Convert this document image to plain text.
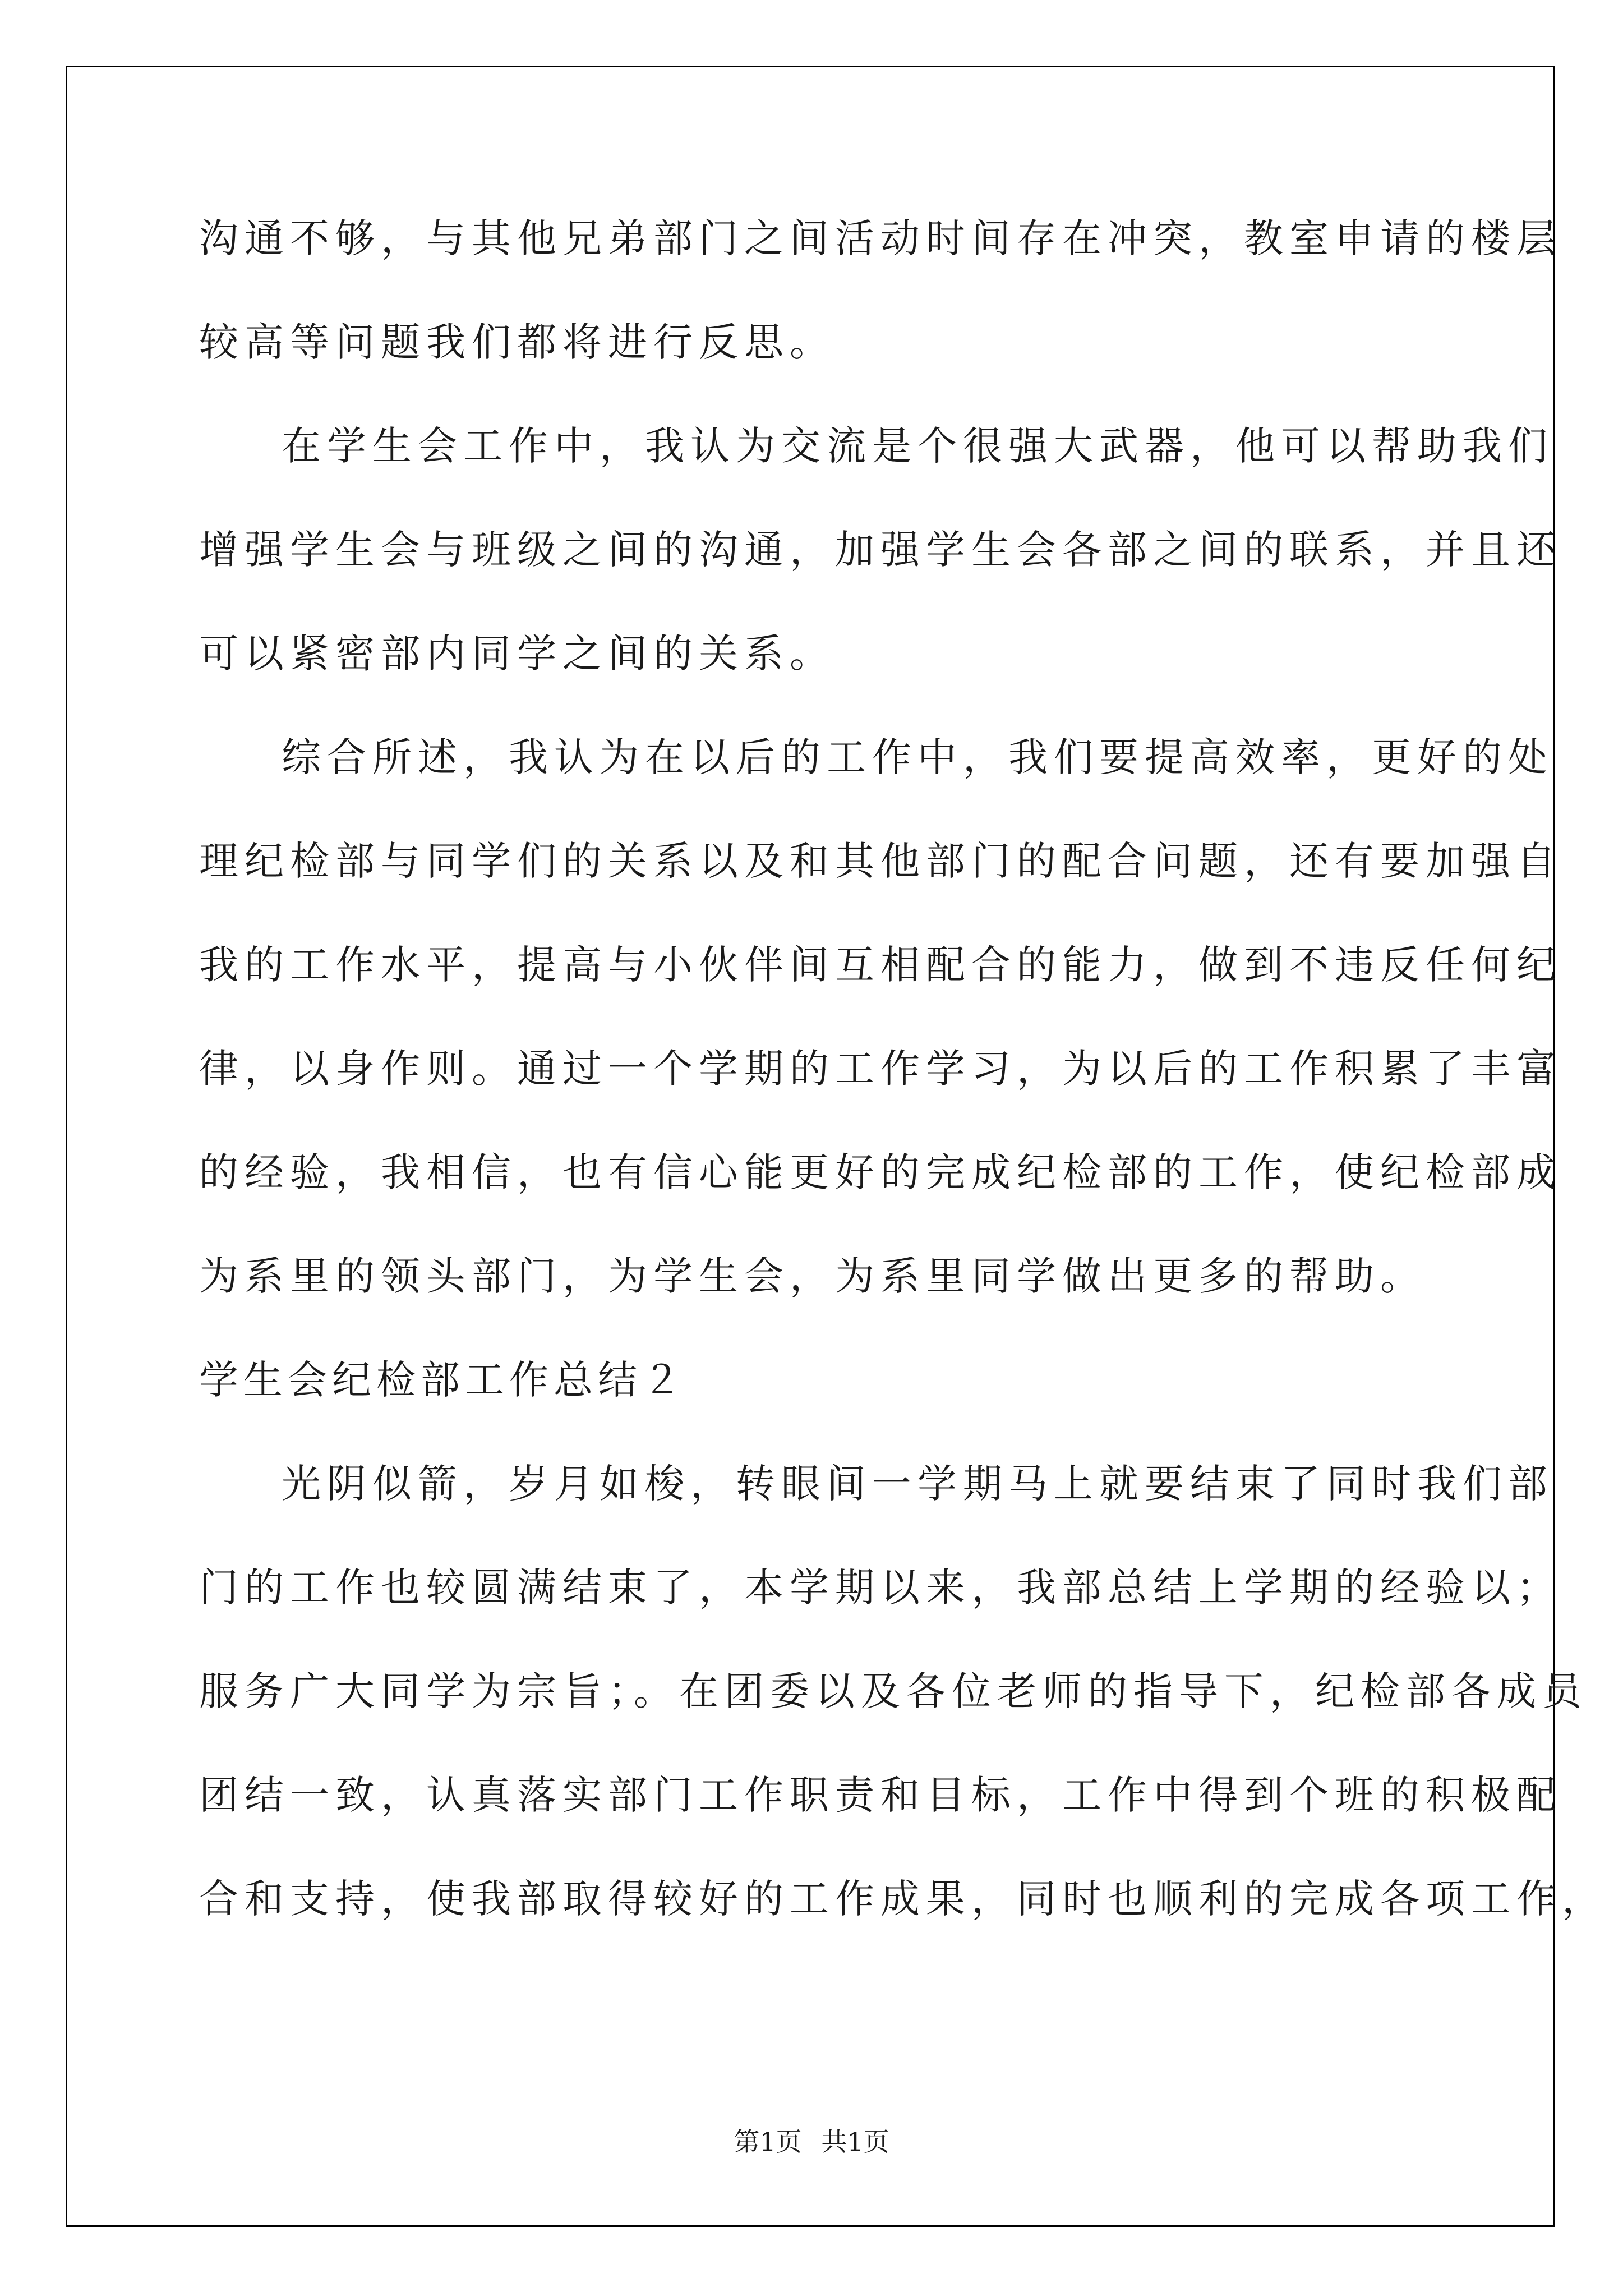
沟通不够，与其他兄弟部门之间活动时间存在冲突，教室申请的楼层
较高等问题我们都将进行反思。
在学生会工作中，我认为交流是个很强大武器，他可以帮助我们
增强学生会与班级之间的沟通，加强学生会各部之间的联系，并且还
可以紧密部内同学之间的关系。
综合所述，我认为在以后的工作中，我们要提高效率，更好的处
理纪检部与同学们的关系以及和其他部门的配合问题，还有要加强自
我的工作水平，提高与小伙伴间互相配合的能力，做到不违反任何纪
律，以身作则。通过一个学期的工作学习，为以后的工作积累了丰富
的经验，我相信，也有信心能更好的完成纪检部的工作，使纪检部成
为系里的领头部门，为学生会，为系里同学做出更多的帮助。
学生会纪检部工作总结２
光阴似箭，岁月如梭，转眼间一学期马上就要结束了同时我们部
门的工作也较圆满结束了，本学期以来，我部总结上学期的经验以；
服务广大同学为宗旨；。在团委以及各位老师的指导下，纪检部各成员
团结一致，认真落实部门工作职责和目标，工作中得到个班的积极配
合和支持，使我部取得较好的工作成果，同时也顺利的完成各项工作，
第1页 共1页
